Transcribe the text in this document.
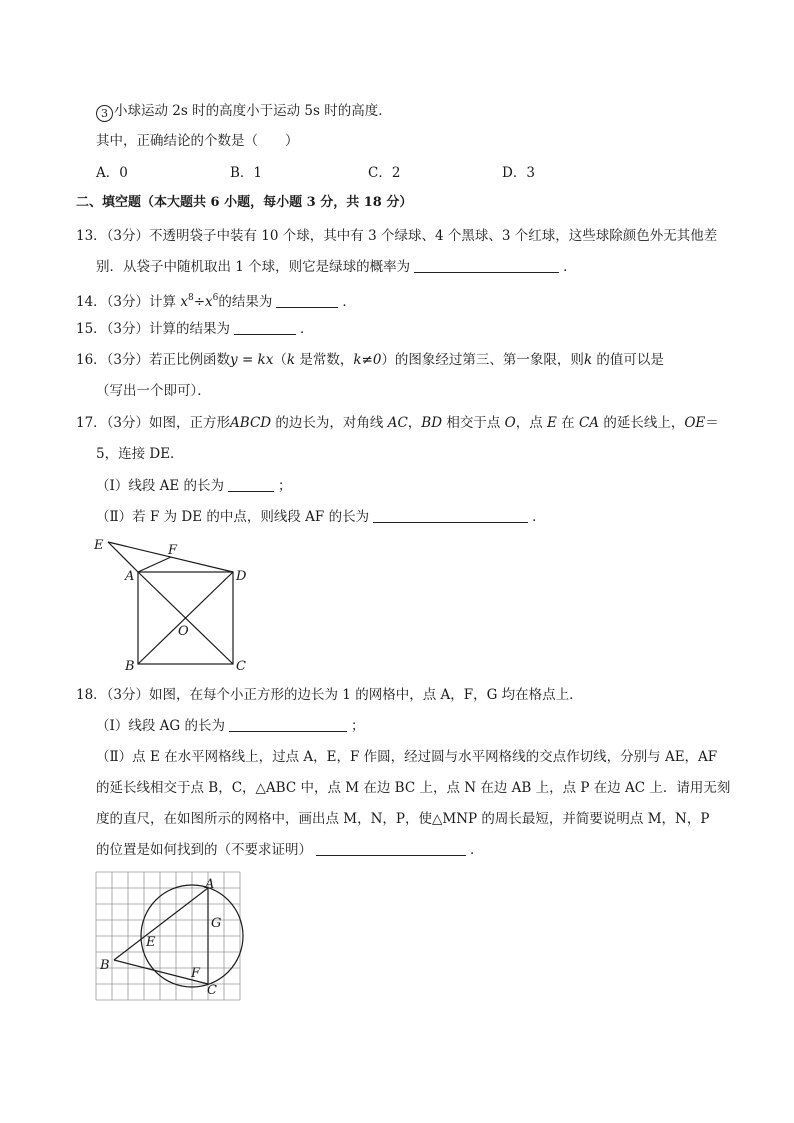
3 小球运动 2s 时的高度小于运动 5s 时的高度．
其中，正确结论的个数是（　　）
A．0	B．1	C．2	D．3
二、填空题（本大题共 6 小题，每小题 3 分，共 18 分）
13．（3分）不透明袋子中装有 10 个球，其中有 3 个绿球、4 个黑球、3 个红球，这些球除颜色外无其他差
别．从袋子中随机取出 1 个球，则它是绿球的概率为	．
14．（3分）计算 $x^8\div x^6$的结果为	．
15．（3分）计算的结果为	．
16．（3分）若正比例函数y = kx（k 是常数，k≠0）的图象经过第三、第一象限，则k 的值可以是
（写出一个即可）．
17．（3分）如图，正方形ABCD 的边长为，对角线 AC，BD 相交于点 O，点 E 在 CA 的延长线上，OE＝
5，连接 DE．
（Ⅰ）线段 AE 的长为	；
（Ⅱ）若 F 为 DE 的中点，则线段 AF 的长为	．
E	F
A	D
O
B	C
18．（3分）如图，在每个小正方形的边长为 1 的网格中，点 A，F，G 均在格点上．
（Ⅰ）线段 AG 的长为	；
（Ⅱ）点 E 在水平网格线上，过点 A，E，F 作圆，经过圆与水平网格线的交点作切线，分别与 AE，AF
的延长线相交于点 B，C，△ABC 中，点 M 在边 BC 上，点 N 在边 AB 上，点 P 在边 AC 上．请用无刻
度的直尺，在如图所示的网格中，画出点 M，N，P，使△MNP 的周长最短，并简要说明点 M，N，P
的位置是如何找到的（不要求证明）	．
A
G
E
B
F
C
